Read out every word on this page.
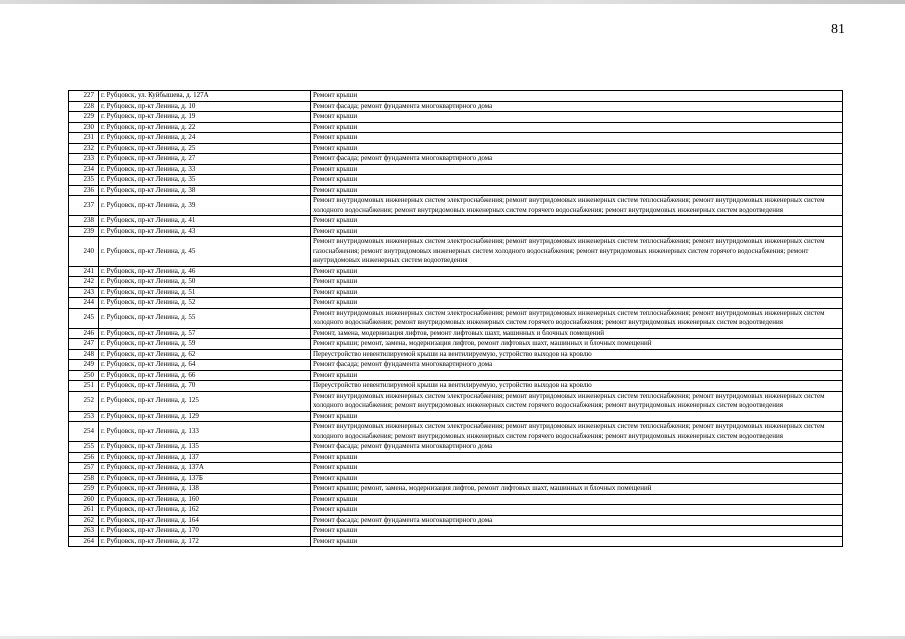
81
227	г. Рубцовск, ул. Куйбышева, д. 127А	Ремонт крыши
228	г. Рубцовск, пр-кт Ленина, д. 10	Ремонт фасада; ремонт фундамента многоквартирного дома
229	г. Рубцовск, пр-кт Ленина, д. 19	Ремонт крыши
230	г. Рубцовск, пр-кт Ленина, д. 22	Ремонт крыши
231	г. Рубцовск, пр-кт Ленина, д. 24	Ремонт крыши
232	г. Рубцовск, пр-кт Ленина, д. 25	Ремонт крыши
233	г. Рубцовск, пр-кт Ленина, д. 27	Ремонт фасада; ремонт фундамента многоквартирного дома
234	г. Рубцовск, пр-кт Ленина, д. 33	Ремонт крыши
235	г. Рубцовск, пр-кт Ленина, д. 35	Ремонт крыши
236	г. Рубцовск, пр-кт Ленина, д. 38	Ремонт крыши
237	г. Рубцовск, пр-кт Ленина, д. 39	Ремонт внутридомовых инженерных систем электроснабжения; ремонт внутридомовых инженерных систем теплоснабжения; ремонт внутридомовых инженерных систем холодного водоснабжения; ремонт внутридомовых инженерных систем горячего водоснабжения; ремонт внутридомовых инженерных систем водоотведения
238	г. Рубцовск, пр-кт Ленина, д. 41	Ремонт крыши
239	г. Рубцовск, пр-кт Ленина, д. 43	Ремонт крыши
240	г. Рубцовск, пр-кт Ленина, д. 45	Ремонт внутридомовых инженерных систем электроснабжения; ремонт внутридомовых инженерных систем теплоснабжения; ремонт внутридомовых инженерных систем газоснабжения; ремонт внутридомовых инженерных систем холодного водоснабжения; ремонт внутридомовых инженерных систем горячего водоснабжения; ремонт внутридомовых инженерных систем водоотведения
241	г. Рубцовск, пр-кт Ленина, д. 46	Ремонт крыши
242	г. Рубцовск, пр-кт Ленина, д. 50	Ремонт крыши
243	г. Рубцовск, пр-кт Ленина, д. 51	Ремонт крыши
244	г. Рубцовск, пр-кт Ленина, д. 52	Ремонт крыши
245	г. Рубцовск, пр-кт Ленина, д. 55	Ремонт внутридомовых инженерных систем электроснабжения; ремонт внутридомовых инженерных систем теплоснабжения; ремонт внутридомовых инженерных систем холодного водоснабжения; ремонт внутридомовых инженерных систем горячего водоснабжения; ремонт внутридомовых инженерных систем водоотведения
246	г. Рубцовск, пр-кт Ленина, д. 57	Ремонт, замена, модернизация лифтов, ремонт лифтовых шахт, машинных и блочных помещений
247	г. Рубцовск, пр-кт Ленина, д. 59	Ремонт крыши; ремонт, замена, модернизация лифтов, ремонт лифтовых шахт, машинных и блочных помещений
248	г. Рубцовск, пр-кт Ленина, д. 62	Переустройство невентилируемой крыши на вентилируемую, устройство выходов на кровлю
249	г. Рубцовск, пр-кт Ленина, д. 64	Ремонт фасада; ремонт фундамента многоквартирного дома
250	г. Рубцовск, пр-кт Ленина, д. 66	Ремонт крыши
251	г. Рубцовск, пр-кт Ленина, д. 70	Переустройство невентилируемой крыши на вентилируемую, устройство выходов на кровлю
252	г. Рубцовск, пр-кт Ленина, д. 125	Ремонт внутридомовых инженерных систем электроснабжения; ремонт внутридомовых инженерных систем теплоснабжения; ремонт внутридомовых инженерных систем холодного водоснабжения; ремонт внутридомовых инженерных систем горячего водоснабжения; ремонт внутридомовых инженерных систем водоотведения
253	г. Рубцовск, пр-кт Ленина, д. 129	Ремонт крыши
254	г. Рубцовск, пр-кт Ленина, д. 133	Ремонт внутридомовых инженерных систем электроснабжения; ремонт внутридомовых инженерных систем теплоснабжения; ремонт внутридомовых инженерных систем холодного водоснабжения; ремонт внутридомовых инженерных систем горячего водоснабжения; ремонт внутридомовых инженерных систем водоотведения
255	г. Рубцовск, пр-кт Ленина, д. 135	Ремонт фасада; ремонт фундамента многоквартирного дома
256	г. Рубцовск, пр-кт Ленина, д. 137	Ремонт крыши
257	г. Рубцовск, пр-кт Ленина, д. 137А	Ремонт крыши
258	г. Рубцовск, пр-кт Ленина, д. 137Б	Ремонт крыши
259	г. Рубцовск, пр-кт Ленина, д. 138	Ремонт крыши; ремонт, замена, модернизация лифтов, ремонт лифтовых шахт, машинных и блочных помещений
260	г. Рубцовск, пр-кт Ленина, д. 160	Ремонт крыши
261	г. Рубцовск, пр-кт Ленина, д. 162	Ремонт крыши
262	г. Рубцовск, пр-кт Ленина, д. 164	Ремонт фасада; ремонт фундамента многоквартирного дома
263	г. Рубцовск, пр-кт Ленина, д. 170	Ремонт крыши
264	г. Рубцовск, пр-кт Ленина, д. 172	Ремонт крыши
